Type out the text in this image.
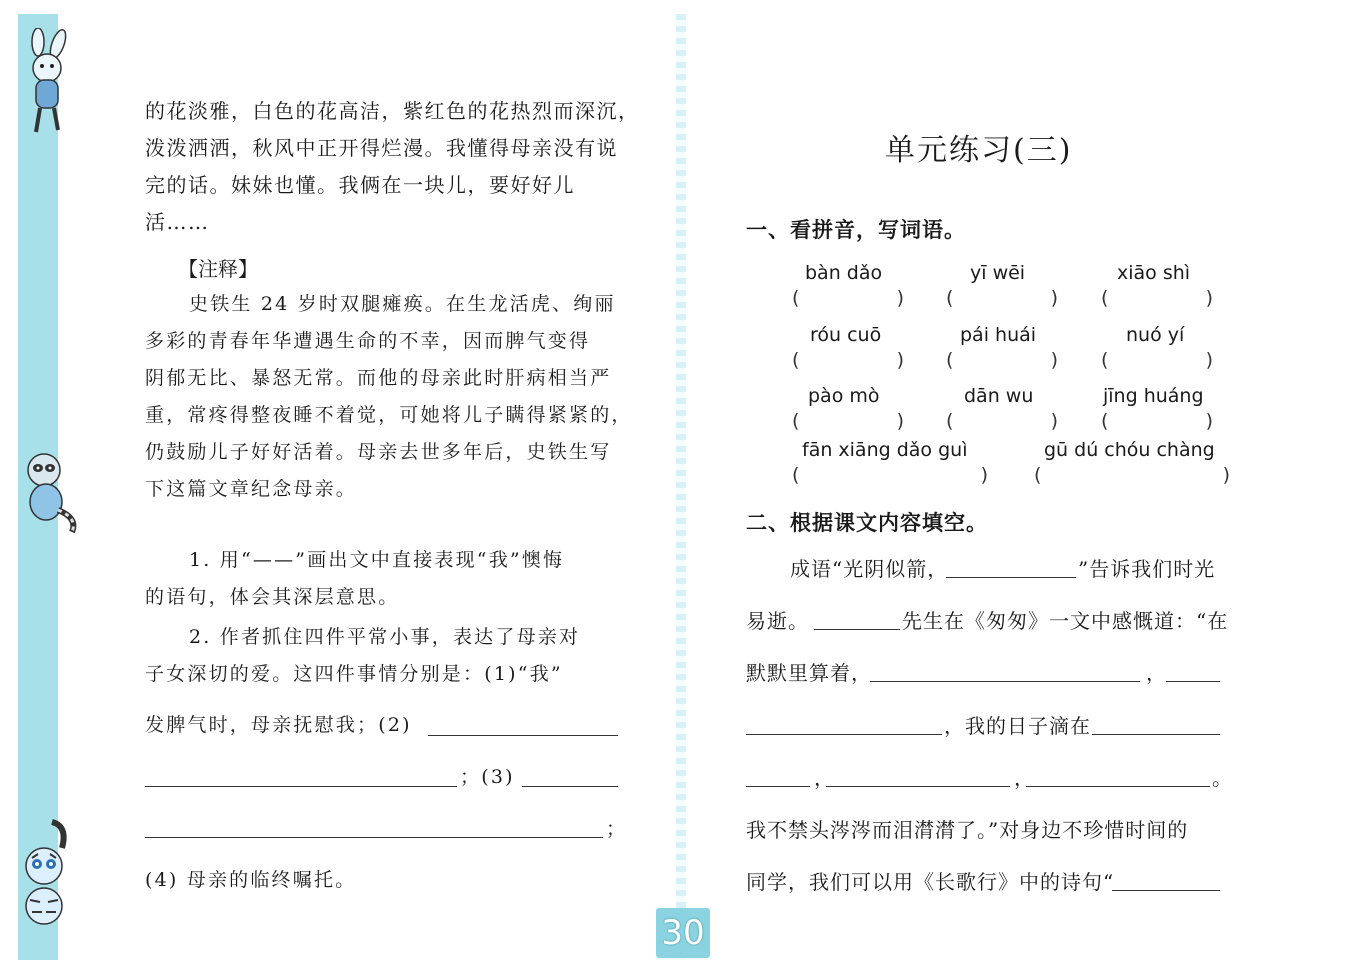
的花淡雅，白色的花高洁，紫红色的花热烈而深沉，
泼泼洒洒，秋风中正开得烂漫。我懂得母亲没有说
完的话。妹妹也懂。我俩在一块儿，要好好儿
活……
【注释】
史铁生 24 岁时双腿瘫痪。在生龙活虎、绚丽
多彩的青春年华遭遇生命的不幸，因而脾气变得
阴郁无比、暴怒无常。而他的母亲此时肝病相当严
重，常疼得整夜睡不着觉，可她将儿子瞒得紧紧的，
仍鼓励儿子好好活着。母亲去世多年后，史铁生写
下这篇文章纪念母亲。
1. 用“——”画出文中直接表现“我”懊悔
的语句，体会其深层意思。
2. 作者抓住四件平常小事，表达了母亲对
子女深切的爱。这四件事情分别是：(1)“我”
发脾气时，母亲抚慰我；(2)
；(3)
；
(4) 母亲的临终嘱托。
单元练习(三)
一、看拼音，写词语。
bàn dǎo	yī wēi	xiāo shì
(	) (	) (	)
róu cuō	pái huái	nuó yí
(	) (	) (	)
pào mò	dān wu	jīng huáng
(	) (	) (	)
fān xiāng dǎo guì	gū dú chóu chàng
(	) (	)
二、根据课文内容填空。
成语“光阴似箭，	”告诉我们时光
易逝。	先生在《匆匆》一文中感慨道：“在
默默里算着，	，
，我的日子滴在
，	，	。
我不禁头涔涔而泪潸潸了。”对身边不珍惜时间的
同学，我们可以用《长歌行》中的诗句“
30
